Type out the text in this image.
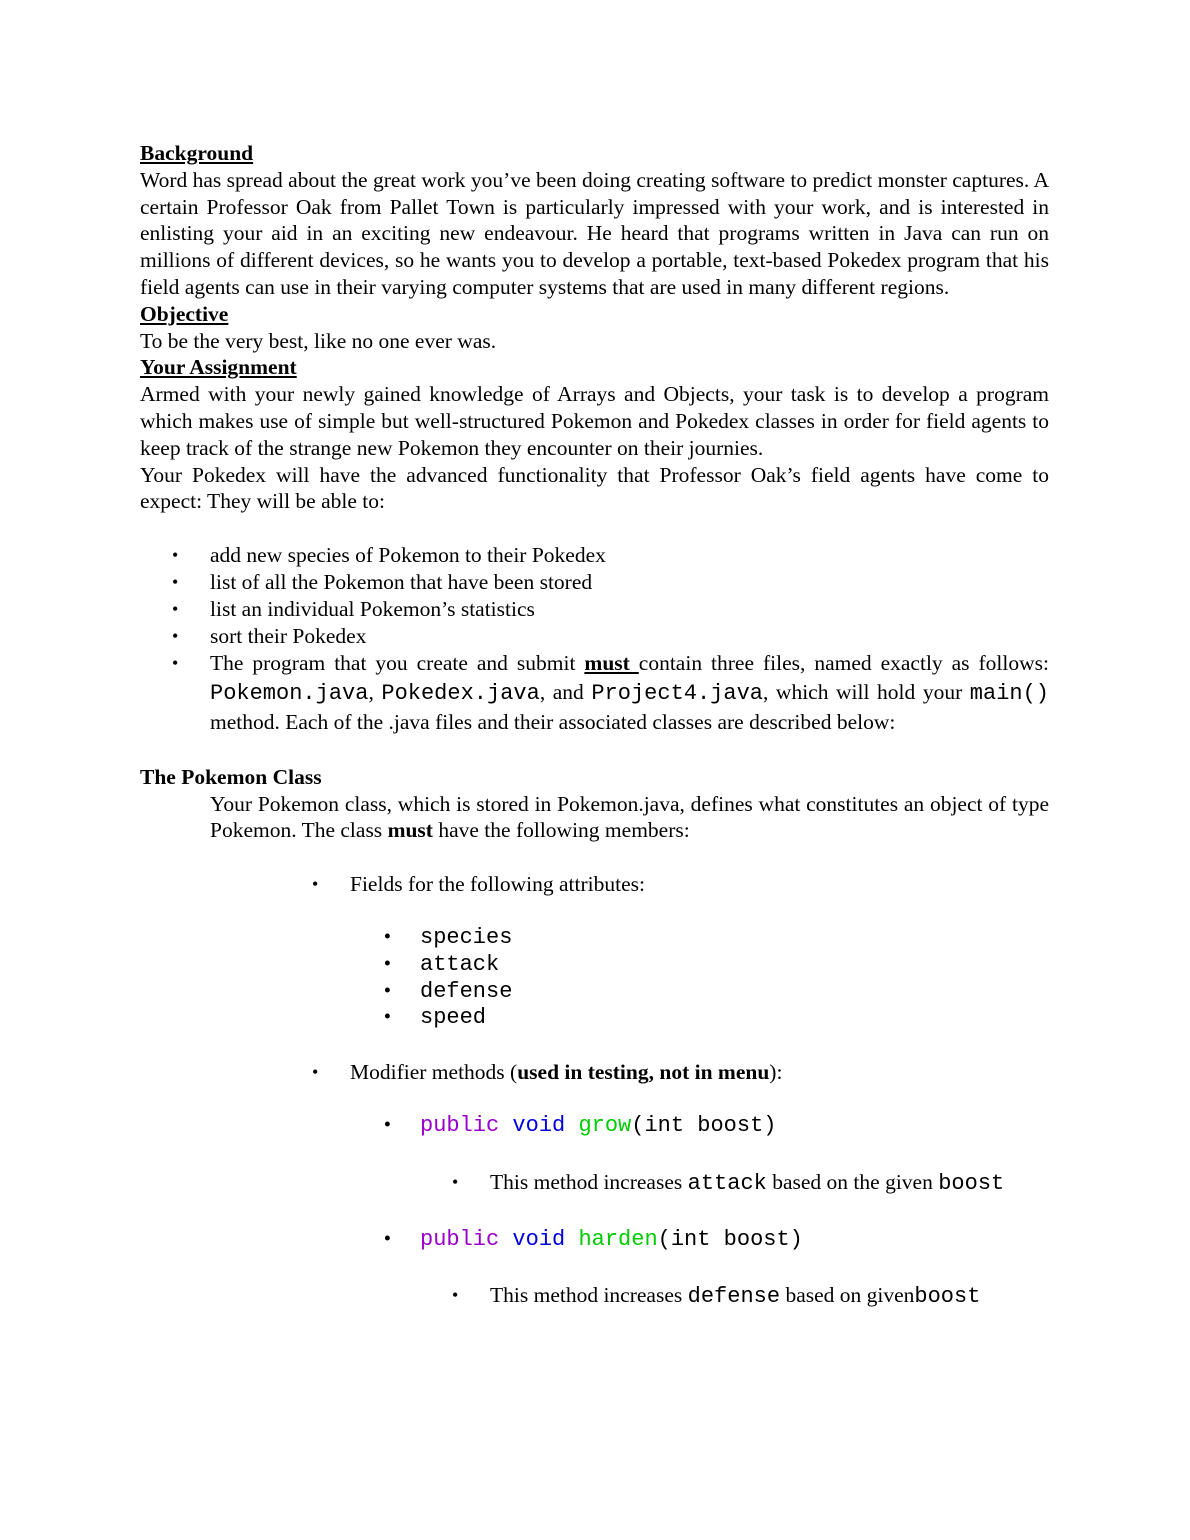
Background

Word has spread about the great work you’ve been doing creating software to predict monster captures. A certain Professor Oak from Pallet Town is particularly impressed with your work, and is interested in enlisting your aid in an exciting new endeavour. He heard that programs written in Java can run on millions of different devices, so he wants you to develop a portable, text-based Pokedex program that his field agents can use in their varying computer systems that are used in many different regions.

Objective

To be the very best, like no one ever was.

Your Assignment

Armed with your newly gained knowledge of Arrays and Objects, your task is to develop a program which makes use of simple but well-structured Pokemon and Pokedex classes in order for field agents to keep track of the strange new Pokemon they encounter on their journies.

Your Pokedex will have the advanced functionality that Professor Oak’s field agents have come to expect: They will be able to:

• add new species of Pokemon to their Pokedex
• list of all the Pokemon that have been stored
• list an individual Pokemon’s statistics
• sort their Pokedex
• The program that you create and submit must contain three files, named exactly as follows: Pokemon.java, Pokedex.java, and Project4.java, which will hold your main() method. Each of the .java files and their associated classes are described below:
The Pokemon Class

Your Pokemon class, which is stored in Pokemon.java, defines what constitutes an object of type Pokemon. The class must have the following members:

• Fields for the following attributes:
• species
• attack
• defense
• speed
• Modifier methods (used in testing, not in menu):
• public void grow(int boost)
• This method increases attack based on the given boost
• public void harden(int boost)
• This method increases defense based on givenboost
